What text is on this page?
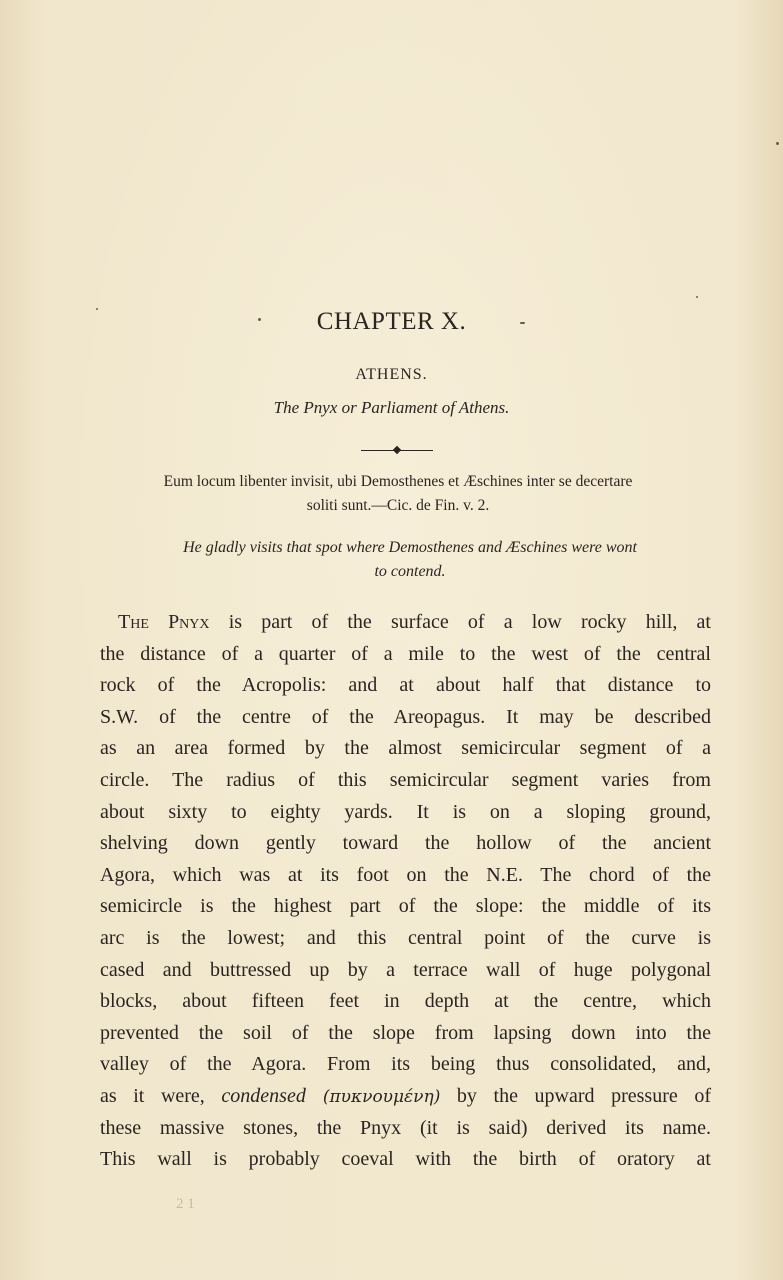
CHAPTER X.
ATHENS.
The Pnyx or Parliament of Athens.
Eum locum libenter invisit, ubi Demosthenes et Æschines inter se decertare
soliti sunt.—Cic. de Fin. v. 2.
He gladly visits that spot where Demosthenes and Æschines were wont
to contend.
The Pnyx is part of the surface of a low rocky hill, at
the distance of a quarter of a mile to the west of the central
rock of the Acropolis: and at about half that distance to
S.W. of the centre of the Areopagus. It may be described
as an area formed by the almost semicircular segment of a
circle. The radius of this semicircular segment varies from
about sixty to eighty yards. It is on a sloping ground,
shelving down gently toward the hollow of the ancient
Agora, which was at its foot on the N.E. The chord of the
semicircle is the highest part of the slope: the middle of its
arc is the lowest; and this central point of the curve is
cased and buttressed up by a terrace wall of huge polygonal
blocks, about fifteen feet in depth at the centre, which
prevented the soil of the slope from lapsing down into the
valley of the Agora. From its being thus consolidated, and,
as it were, condensed (πυκνουμένη) by the upward pressure of
these massive stones, the Pnyx (it is said) derived its name.
This wall is probably coeval with the birth of oratory at
2 1
